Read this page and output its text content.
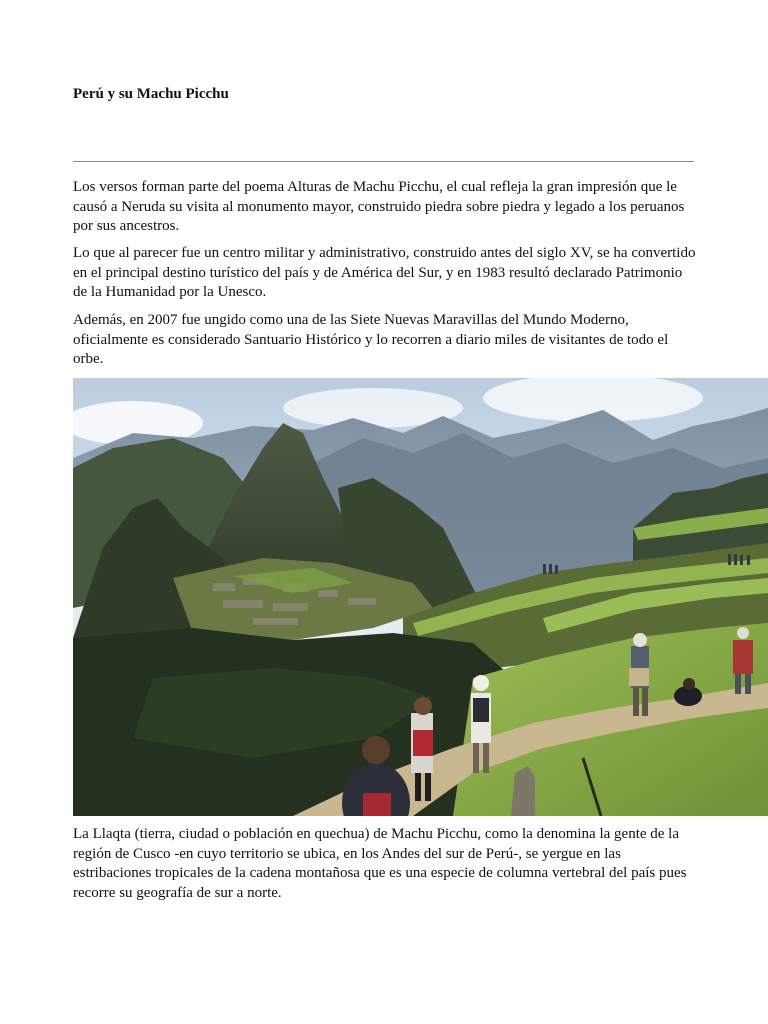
Perú y su Machu Picchu

Los versos forman parte del poema Alturas de Machu Picchu, el cual refleja la gran impresión que le causó a Neruda su visita al monumento mayor, construido piedra sobre piedra y legado a los peruanos por sus ancestros.

Lo que al parecer fue un centro militar y administrativo, construido antes del siglo XV, se ha convertido en el principal destino turístico del país y de América del Sur, y en 1983 resultó declarado Patrimonio de la Humanidad por la Unesco.

Además, en 2007 fue ungido como una de las Siete Nuevas Maravillas del Mundo Moderno, oficialmente es considerado Santuario Histórico y lo recorren a diario miles de visitantes de todo el orbe.

La Llaqta (tierra, ciudad o población en quechua) de Machu Picchu, como la denomina la gente de la región de Cusco -en cuyo territorio se ubica, en los Andes del sur de Perú-, se yergue en las estribaciones tropicales de la cadena montañosa que es una especie de columna vertebral del país pues recorre su geografía de sur a norte.
